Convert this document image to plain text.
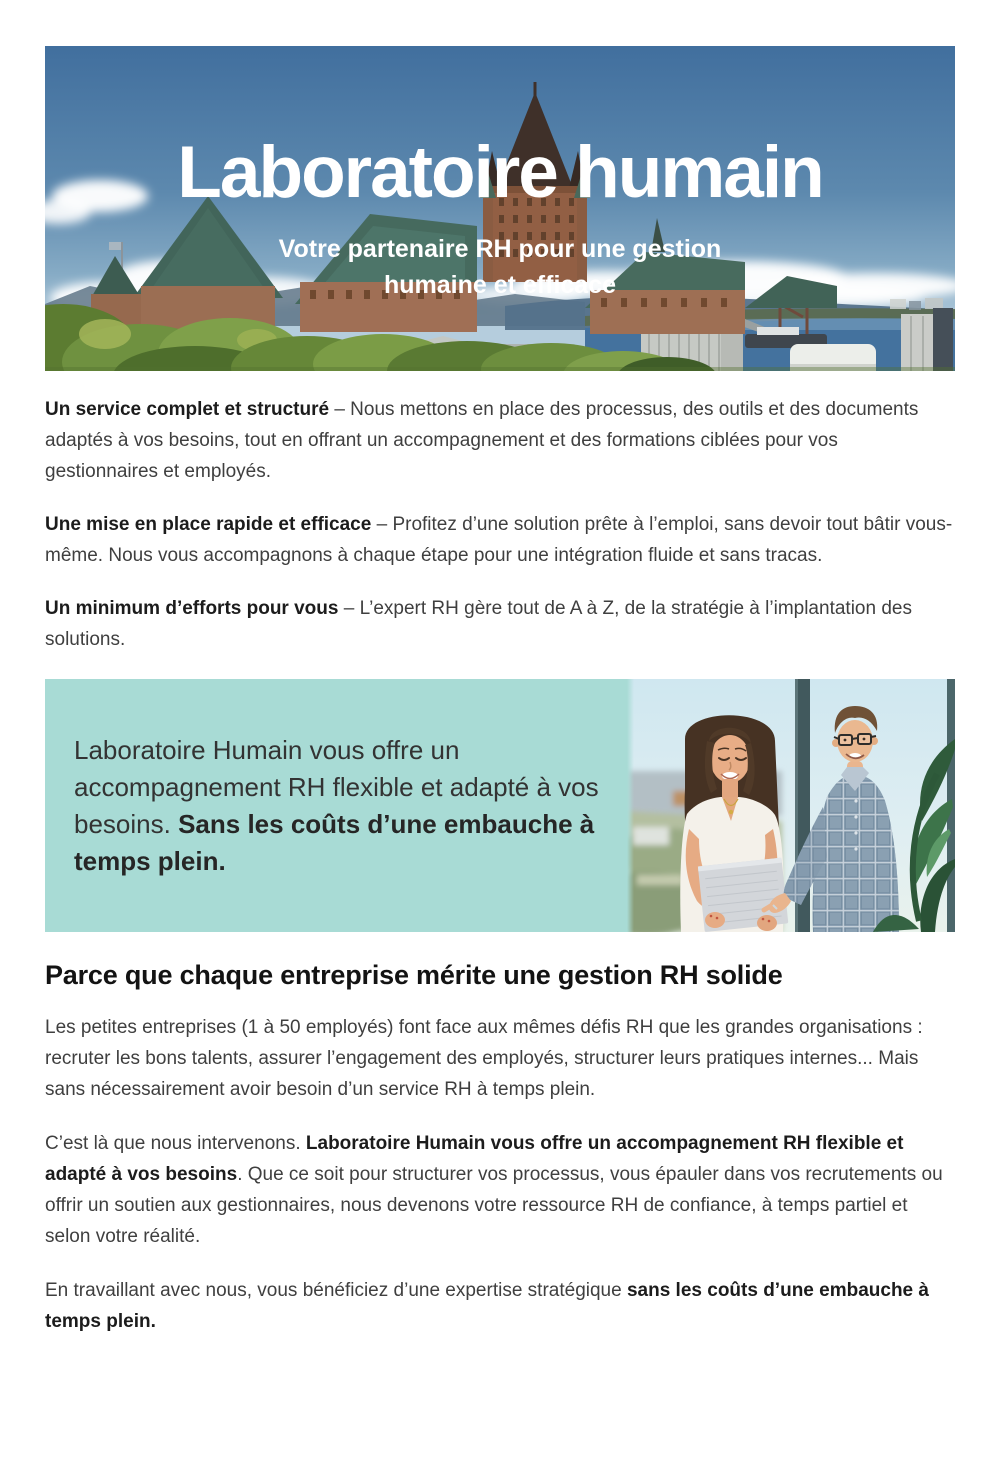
Laboratoire humain
Votre partenaire RH pour une gestion
humaine et efficace

Un service complet et structuré – Nous mettons en place des processus, des outils et des documents adaptés à vos besoins, tout en offrant un accompagnement et des formations ciblées pour vos gestionnaires et employés.

Une mise en place rapide et efficace – Profitez d’une solution prête à l’emploi, sans devoir tout bâtir vous-même. Nous vous accompagnons à chaque étape pour une intégration fluide et sans tracas.

Un minimum d’efforts pour vous – L’expert RH gère tout de A à Z, de la stratégie à l’implantation des solutions.

Laboratoire Humain vous offre un accompagnement RH flexible et adapté à vos besoins. Sans les coûts d’une embauche à temps plein.
Parce que chaque entreprise mérite une gestion RH solide

Les petites entreprises (1 à 50 employés) font face aux mêmes défis RH que les grandes organisations : recruter les bons talents, assurer l’engagement des employés, structurer leurs pratiques internes... Mais sans nécessairement avoir besoin d’un service RH à temps plein.

C’est là que nous intervenons. Laboratoire Humain vous offre un accompagnement RH flexible et adapté à vos besoins. Que ce soit pour structurer vos processus, vous épauler dans vos recrutements ou offrir un soutien aux gestionnaires, nous devenons votre ressource RH de confiance, à temps partiel et selon votre réalité.

En travaillant avec nous, vous bénéficiez d’une expertise stratégique sans les coûts d’une embauche à temps plein.
